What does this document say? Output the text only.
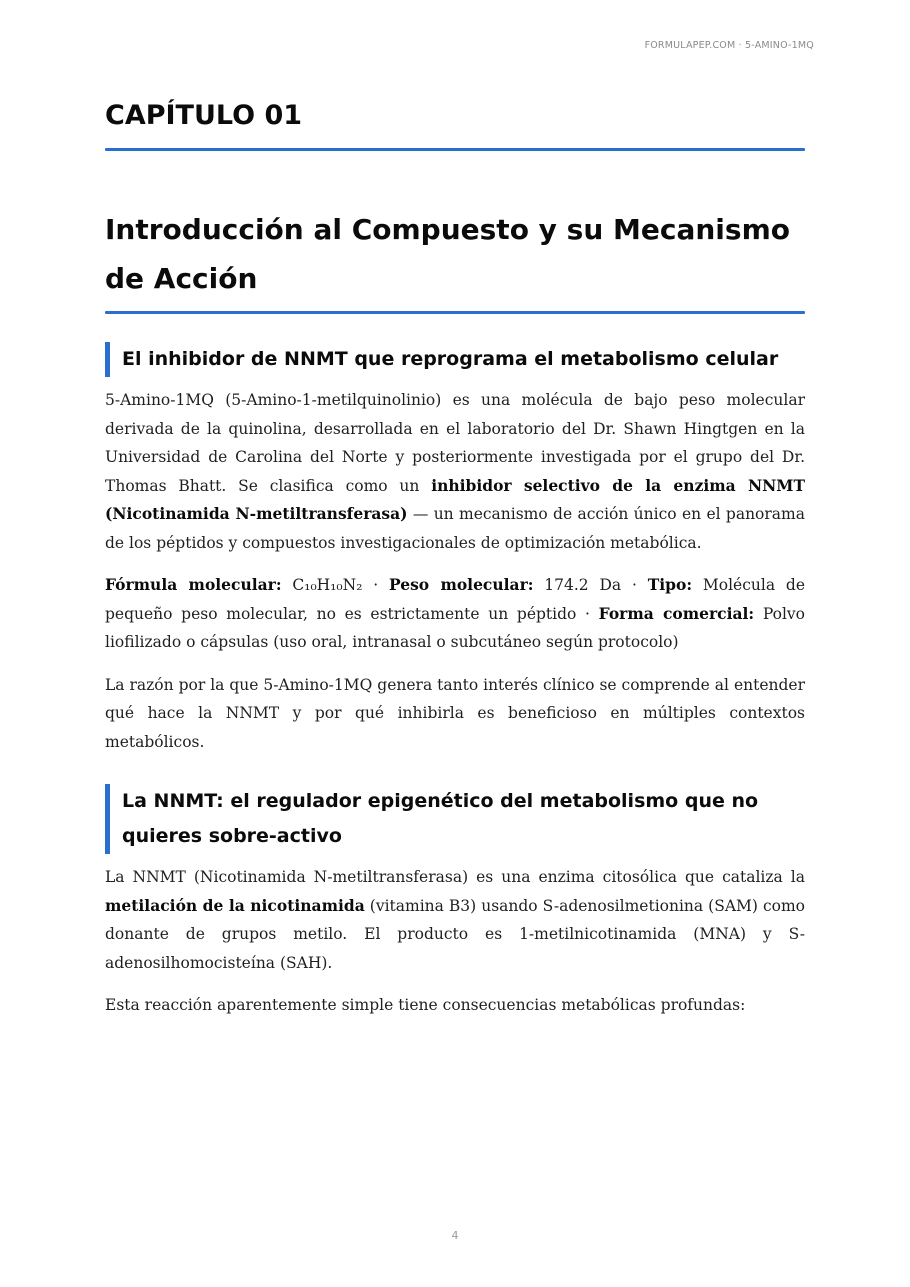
FORMULAPEP.COM · 5-AMINO-1MQ
CAPÍTULO 01
Introducción al Compuesto y su Mecanismo de Acción
El inhibidor de NNMT que reprograma el metabolismo celular

5-Amino-1MQ (5-Amino-1-metilquinolinio) es una molécula de bajo peso molecular derivada de la quinolina, desarrollada en el laboratorio del Dr. Shawn Hingtgen en la Universidad de Carolina del Norte y posteriormente investigada por el grupo del Dr. Thomas Bhatt. Se clasifica como un inhibidor selectivo de la enzima NNMT (Nicotinamida N-metiltransferasa) — un mecanismo de acción único en el panorama de los péptidos y compuestos investigacionales de optimización metabólica.

Fórmula molecular: C₁₀H₁₀N₂ · Peso molecular: 174.2 Da · Tipo: Molécula de pequeño peso molecular, no es estrictamente un péptido · Forma comercial: Polvo liofilizado o cápsulas (uso oral, intranasal o subcutáneo según protocolo)

La razón por la que 5-Amino-1MQ genera tanto interés clínico se comprende al entender qué hace la NNMT y por qué inhibirla es beneficioso en múltiples contextos metabólicos.

La NNMT: el regulador epigenético del metabolismo que no quieres sobre-activo

La NNMT (Nicotinamida N-metiltransferasa) es una enzima citosólica que cataliza la metilación de la nicotinamida (vitamina B3) usando S-adenosilmetionina (SAM) como donante de grupos metilo. El producto es 1-metilnicotinamida (MNA) y S-adenosilhomocisteína (SAH).

Esta reacción aparentemente simple tiene consecuencias metabólicas profundas:

4
